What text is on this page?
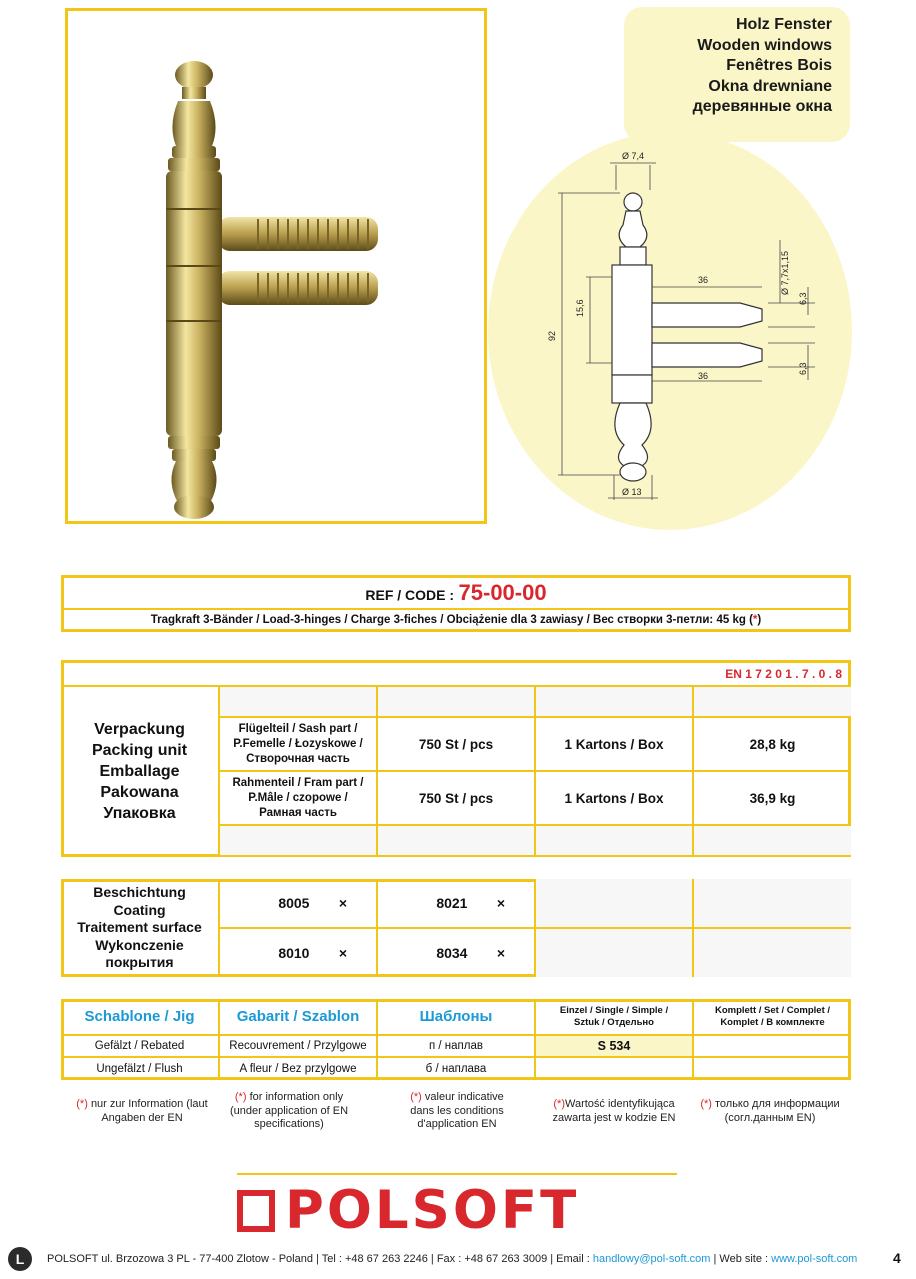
Holz Fenster
Wooden windows
Fenêtres Bois
Okna drewniane
деревянные окна
Ø 7,4
36
36
Ø 13
Ø 7,7x1,15
6,3
6,3
15,6
92
REF / CODE : 75-00-00
Tragkraft 3-Bänder / Load-3-hinges / Charge 3-fiches / Obciążenie dla 3 zawiasy / Вес створки 3-петли: 45 kg (*)
EN 1 7 2 0 1 . 7 . 0 . 8
Verpackung
Packing unit
Emballage
Pakowana
Упаковка				

	Flügelteil / Sash part /
P.Femelle / Łozyskowe /
Створочная часть	750 St / pcs	1 Kartons / Box	28,8 kg

	Rahmenteil / Fram part /
P.Mâle / czopowe /
Рамная часть	750 St / pcs	1 Kartons / Box	36,9 kg

Beschichtung
Coating
Traitement surface
Wykonczenie
покрытия	8005 ×	8021 ×		
	8010 ×	8034 ×		
Schablone / Jig	Gabarit / Szablon	Шаблоны	Einzel / Single / Simple / Sztuk / Отдельно	Komplett / Set / Complet / Komplet / В комплекте
Gefälzt / Rebated	Recouvrement / Przylgowe	п / наплав	S 534	
Ungefälzt / Flush	A fleur / Bez przylgowe	б / наплава		
(*) nur zur Information (laut Angaben der EN
(*) for information only (under application of EN specifications)
(*) valeur indicative dans les conditions d'application EN
(*)Wartość identyfikująca zawarta jest w kodzie EN
(*) только для информации (согл.данным EN)
POLSOFT
L	POLSOFT ul. Brzozowa 3 PL - 77-400 Zlotow - Poland | Tel : +48 67 263 2246 | Fax : +48 67 263 3009 | Email : handlowy@pol-soft.com | Web site : www.pol-soft.com	4
